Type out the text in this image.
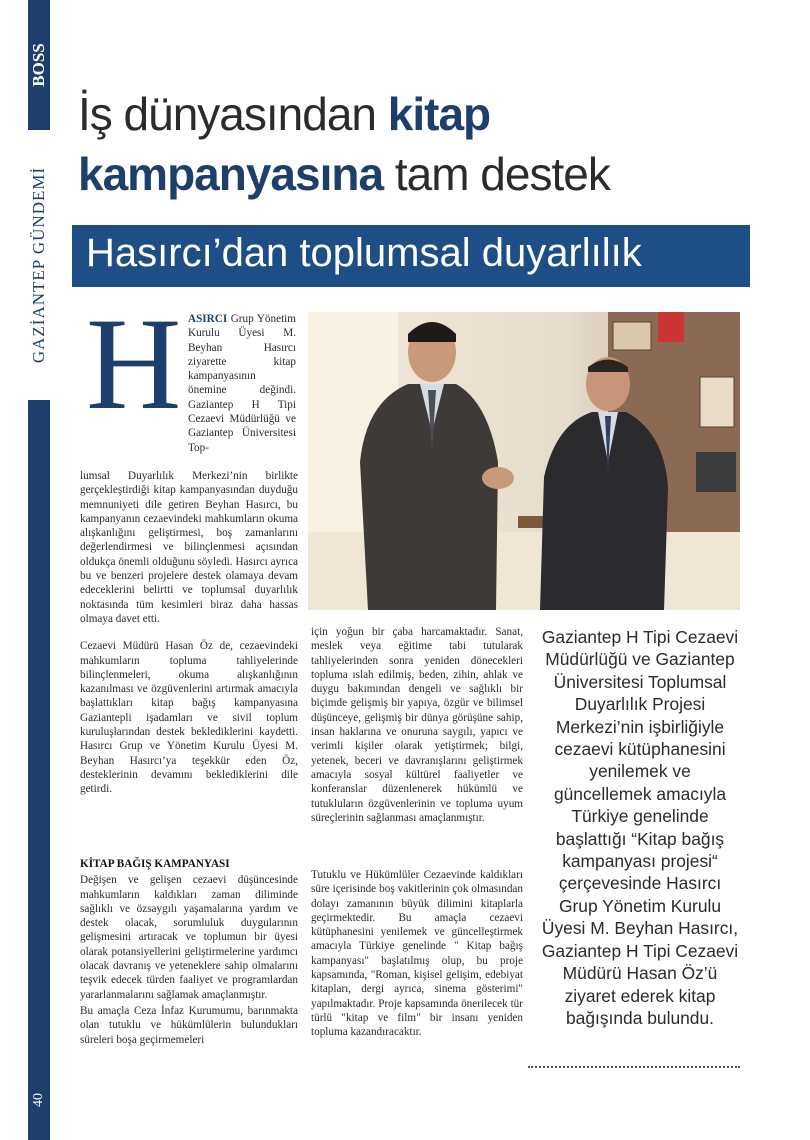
BOSS
GAZİANTEP GÜNDEMİ
40
İş dünyasından kitap
kampanyasına tam destek
Hasırcı’dan toplumsal duyarlılık
H ASIRCI Grup Yönetim Kurulu Üyesi M. Beyhan Hasırcı ziyarette kitap kampanyasının önemine değindi. Gaziantep H Tipi Cezaevi Müdürlüğü ve Gaziantep Üniversitesi Top-

lumsal Duyarlılık Merkezi’nin birlikte gerçekleştirdiği kitap kampanyasından duyduğu memnuniyeti dile getiren Beyhan Hasırcı, bu kampanyanın cezaevindeki mahkumların okuma alışkanlığını geliştirmesi, boş zamanlarını değerlendirmesi ve bilinçlenmesi açısından oldukça önemli olduğunu söyledi. Hasırcı ayrıca bu ve benzeri projelere destek olamaya devam edeceklerini belirtti ve toplumsal duyarlılık noktasında tüm kesimleri biraz daha hassas olmaya davet etti.

Cezaevi Müdürü Hasan Öz de, cezaevindeki mahkumların topluma tahliyelerinde bilinçlenmeleri, okuma alışkanlığının kazanılması ve özgüvenlerini artırmak amacıyla başlattıkları kitap bağış kampanyasına Gaziantepli işadamları ve sivil toplum kuruluşlarından destek beklediklerini kaydetti. Hasırcı Grup ve Yönetim Kurulu Üyesi M. Beyhan Hasırcı’ya teşekkür eden Öz, desteklerinin devamını beklediklerini dile getirdi.

KİTAP BAĞIŞ KAMPANYASI

Değişen ve gelişen cezaevi düşüncesinde mahkumların kaldıkları zaman diliminde sağlıklı ve özsaygılı yaşamalarına yardım ve destek olacak, sorumluluk duygularının gelişmesini artıracak ve toplumun bir üyesi olarak potansiyellerini geliştirmelerine yardımcı olacak davranış ve yeteneklere sahip olmalarını teşvik edecek türden faaliyet ve programlardan yararlanmalarını sağlamak amaçlanmıştır.

Bu amaçla Ceza İnfaz Kurumumu, barınmakta olan tutuklu ve hükümlülerin bulundukları süreleri boşa geçirmemeleri

için yoğun bir çaba harcamaktadır. Sanat, meslek veya eğitime tabi tutularak tahliyelerinden sonra yeniden dönecekleri topluma ıslah edilmiş, beden, zihin, ahlak ve duygu bakımından dengeli ve sağlıklı bir biçimde gelişmiş bir yapıya, özgür ve bilimsel düşünceye, gelişmiş bir dünya görüşüne sahip, insan haklarına ve onuruna saygılı, yapıcı ve verimli kişiler olarak yetiştirmek; bilgi, yetenek, beceri ve davranışlarını geliştirmek amacıyla sosyal kültürel faaliyetler ve konferanslar düzenlenerek hükümlü ve tutukluların özgüvenlerinin ve topluma uyum süreçlerinin sağlanması amaçlanmıştır.

Tutuklu ve Hükümlüler Cezaevinde kaldıkları süre içerisinde boş vakitlerinin çok olmasından dolayı zamanının büyük dilimini kitaplarla geçirmektedir. Bu amaçla cezaevi kütüphanesini yenilemek ve güncelleştirmek amacıyla Türkiye genelinde " Kitap bağış kampanyası" başlatılmış olup, bu proje kapsamında, "Roman, kişisel gelişim, edebiyat kitapları, dergi ayrıca, sinema gösterimi" yapılmaktadır. Proje kapsamında önerilecek tür türlü "kitap ve film" bir insanı yeniden topluma kazandıracaktır.

Gaziantep H Tipi Cezaevi Müdürlüğü ve Gaziantep Üniversitesi Toplumsal Duyarlılık Projesi Merkezi’nin işbirliğiyle cezaevi kütüphanesini yenilemek ve güncellemek amacıyla Türkiye genelinde başlattığı “Kitap bağış kampanyası projesi“ çerçevesinde Hasırcı Grup Yönetim Kurulu Üyesi M. Beyhan Hasırcı, Gaziantep H Tipi Cezaevi Müdürü Hasan Öz’ü ziyaret ederek kitap bağışında bulundu.
